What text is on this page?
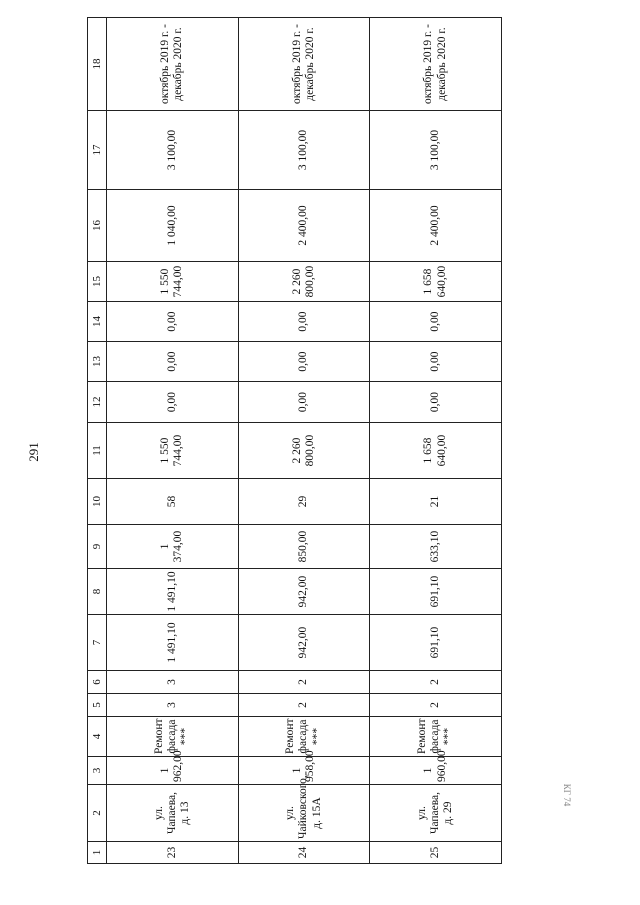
291
КГ 74
1	2	3	4	5	6	7	8	9	10	11	12	13	14	15	16	17	18
23	ул. Чапаева, д. 13	1 962,00	Ремонт фасада ***	3	3	1 491,10	1 491,10	1 374,00	58	1 550 744,00	0,00	0,00	0,00	1 550 744,00	1 040,00	3 100,00	октябрь 2019 г. -
декабрь 2020 г.
24	ул. Чайковского,
д. 15А	1 958,00	Ремонт фасада ***	2	2	942,00	942,00	850,00	29	2 260 800,00	0,00	0,00	0,00	2 260 800,00	2 400,00	3 100,00	октябрь 2019 г. -
декабрь 2020 г.
25	ул. Чапаева, д. 29	1 960,00	Ремонт фасада ***	2	2	691,10	691,10	633,10	21	1 658 640,00	0,00	0,00	0,00	1 658 640,00	2 400,00	3 100,00	октябрь 2019 г. -
декабрь 2020 г.
